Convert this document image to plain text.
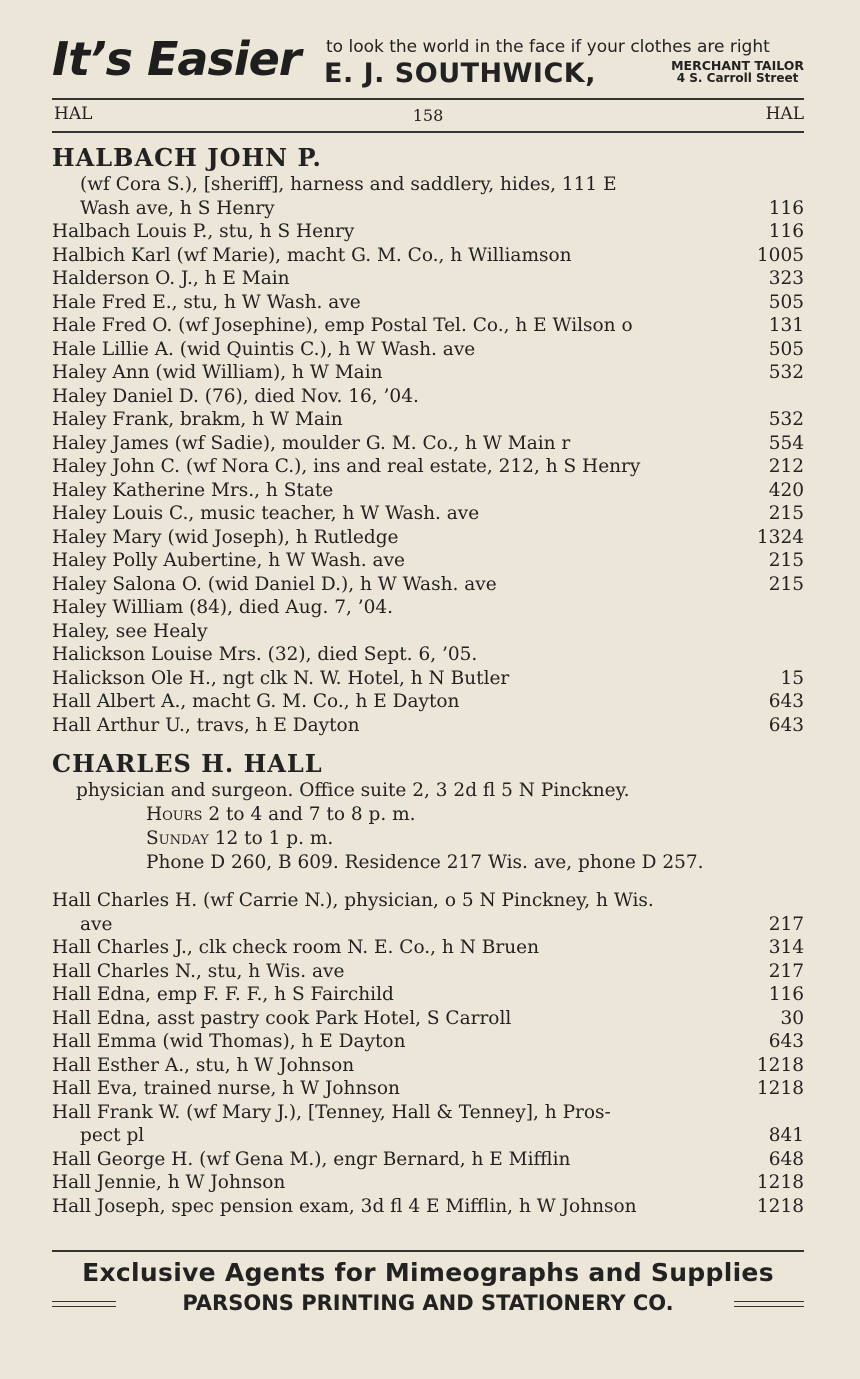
It’s Easier to look the world in the face if your clothes are right
E. J. SOUTHWICK,	MERCHANT TAILOR
4 S. Carroll Street
HAL	158	HAL
HALBACH JOHN P.
(wf Cora S.), [sheriff], harness and saddlery, hides, 111 E
Wash ave, h S Henry	116
Halbach Louis P., stu, h S Henry	116
Halbich Karl (wf Marie), macht G. M. Co., h Williamson	1005
Halderson O. J., h E Main	323
Hale Fred E., stu, h W Wash. ave	505
Hale Fred O. (wf Josephine), emp Postal Tel. Co., h E Wilson o	131
Hale Lillie A. (wid Quintis C.), h W Wash. ave	505
Haley Ann (wid William), h W Main	532
Haley Daniel D. (76), died Nov. 16, ’04.
Haley Frank, brakm, h W Main	532
Haley James (wf Sadie), moulder G. M. Co., h W Main r	554
Haley John C. (wf Nora C.), ins and real estate, 212, h S Henry	212
Haley Katherine Mrs., h State	420
Haley Louis C., music teacher, h W Wash. ave	215
Haley Mary (wid Joseph), h Rutledge	1324
Haley Polly Aubertine, h W Wash. ave	215
Haley Salona O. (wid Daniel D.), h W Wash. ave	215
Haley William (84), died Aug. 7, ’04.
Haley, see Healy
Halickson Louise Mrs. (32), died Sept. 6, ’05.
Halickson Ole H., ngt clk N. W. Hotel, h N Butler	15
Hall Albert A., macht G. M. Co., h E Dayton	643
Hall Arthur U., travs, h E Dayton	643
CHARLES H. HALL
physician and surgeon. Office suite 2, 3 2d fl 5 N Pinckney.
Hours 2 to 4 and 7 to 8 p. m.
Sunday 12 to 1 p. m.
Phone D 260, B 609. Residence 217 Wis. ave, phone D 257.
Hall Charles H. (wf Carrie N.), physician, o 5 N Pinckney, h Wis.
ave	217
Hall Charles J., clk check room N. E. Co., h N Bruen	314
Hall Charles N., stu, h Wis. ave	217
Hall Edna, emp F. F. F., h S Fairchild	116
Hall Edna, asst pastry cook Park Hotel, S Carroll	30
Hall Emma (wid Thomas), h E Dayton	643
Hall Esther A., stu, h W Johnson	1218
Hall Eva, trained nurse, h W Johnson	1218
Hall Frank W. (wf Mary J.), [Tenney, Hall & Tenney], h Pros-
pect pl	841
Hall George H. (wf Gena M.), engr Bernard, h E Mifflin	648
Hall Jennie, h W Johnson	1218
Hall Joseph, spec pension exam, 3d fl 4 E Mifflin, h W Johnson	1218
Exclusive Agents for Mimeographs and Supplies
PARSONS PRINTING AND STATIONERY CO.
